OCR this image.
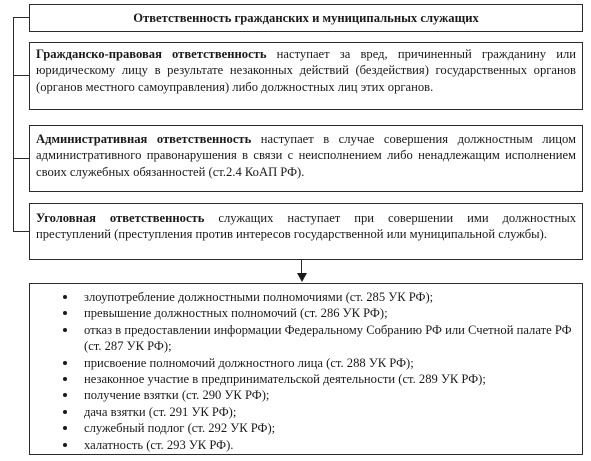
Ответственность гражданских и муниципальных служащих
Гражданско-правовая ответственность наступает за вред, причиненный гражданину или юридическому лицу в результате незаконных действий (бездействия) государственных органов (органов местного самоуправления) либо должностных лиц этих органов.
Административная ответственность наступает в случае совершения должностным лицом административного правонарушения в связи с неисполнением либо ненадлежащим исполнением своих служебных обязанностей (ст.2.4 КоАП РФ).
Уголовная ответственность служащих наступает при совершении ими должностных преступлений (преступления против интересов государственной или муниципальной службы).
злоупотребление должностными полномочиями (ст. 285 УК РФ);
превышение должностных полномочий (ст. 286 УК РФ);
отказ в предоставлении информации Федеральному Собранию РФ или Счетной палате РФ
(ст. 287 УК РФ);
присвоение полномочий должностного лица (ст. 288 УК РФ);
незаконное участие в предпринимательской деятельности (ст. 289 УК РФ);
получение взятки (ст. 290 УК РФ);
дача взятки (ст. 291 УК РФ);
служебный подлог (ст. 292 УК РФ);
халатность (ст. 293 УК РФ).
